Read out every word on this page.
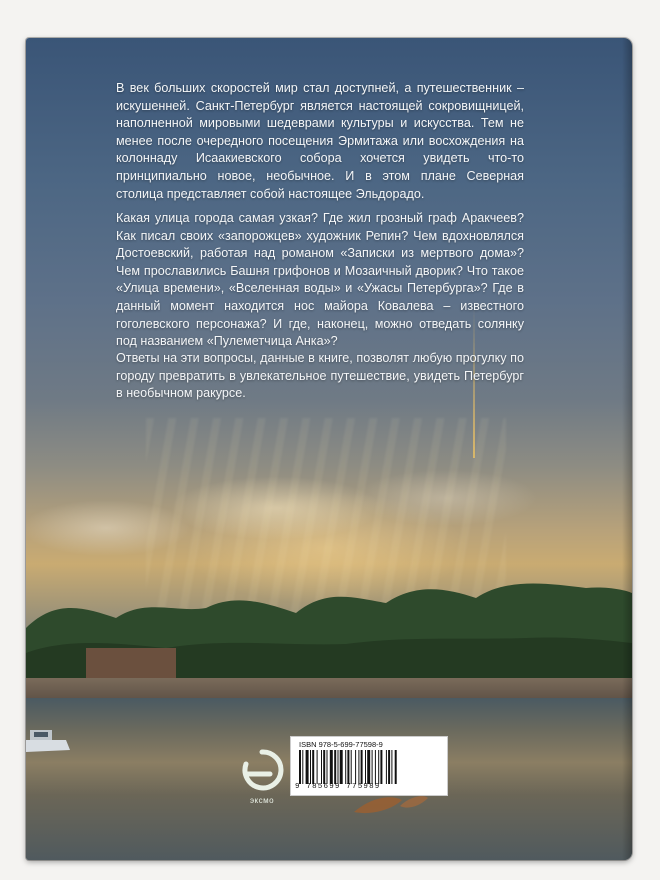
В век больших скоростей мир стал доступней, а путешественник – искушенней. Санкт-Петербург является настоящей сокровищницей, наполненной мировыми шедеврами культуры и искусства. Тем не менее после очередного посещения Эрмитажа или восхождения на колоннаду Исаакиевского собора хочется увидеть что-то принципиально новое, необычное. И в этом плане Северная столица представляет собой настоящее Эльдорадо.
Какая улица города самая узкая? Где жил грозный граф Аракчеев? Как писал своих «запорожцев» художник Репин? Чем вдохновлялся Достоевский, работая над романом «Записки из мертвого дома»? Чем прославились Башня грифонов и Мозаичный дворик? Что такое «Улица времени», «Вселенная воды» и «Ужасы Петербурга»? Где в данный момент находится нос майора Ковалева – известного гоголевского персонажа? И где, наконец, можно отведать солянку под названием «Пулеметчица Анка»?
Ответы на эти вопросы, данные в книге, позволят любую прогулку по городу превратить в увлекательное путешествие, увидеть Петербург в необычном ракурсе.
эксмо
ISBN 978-5-699-77598-9
9 785699 775989
